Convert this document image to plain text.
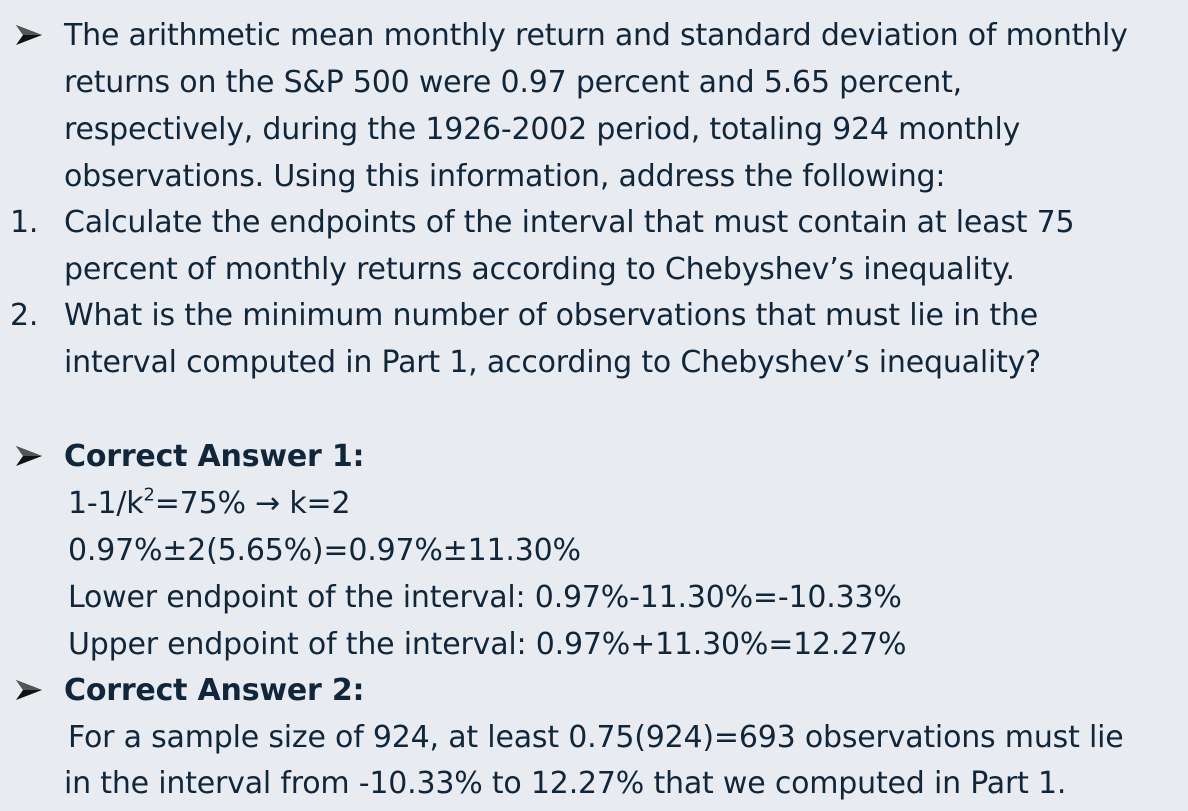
The arithmetic mean monthly return and standard deviation of monthly
returns on the S&P 500 were 0.97 percent and 5.65 percent,
respectively, during the 1926-2002 period, totaling 924 monthly
observations. Using this information, address the following:
1. Calculate the endpoints of the interval that must contain at least 75
percent of monthly returns according to Chebyshev’s inequality.
2. What is the minimum number of observations that must lie in the
interval computed in Part 1, according to Chebyshev’s inequality?
Correct Answer 1:
$1-1/k^2=75\% \to k=2$
0.97%±2(5.65%)=0.97%±11.30%
Lower endpoint of the interval: 0.97%-11.30%=-10.33%
Upper endpoint of the interval: 0.97%+11.30%=12.27%
Correct Answer 2:
For a sample size of 924, at least 0.75(924)=693 observations must lie
in the interval from -10.33% to 12.27% that we computed in Part 1.
